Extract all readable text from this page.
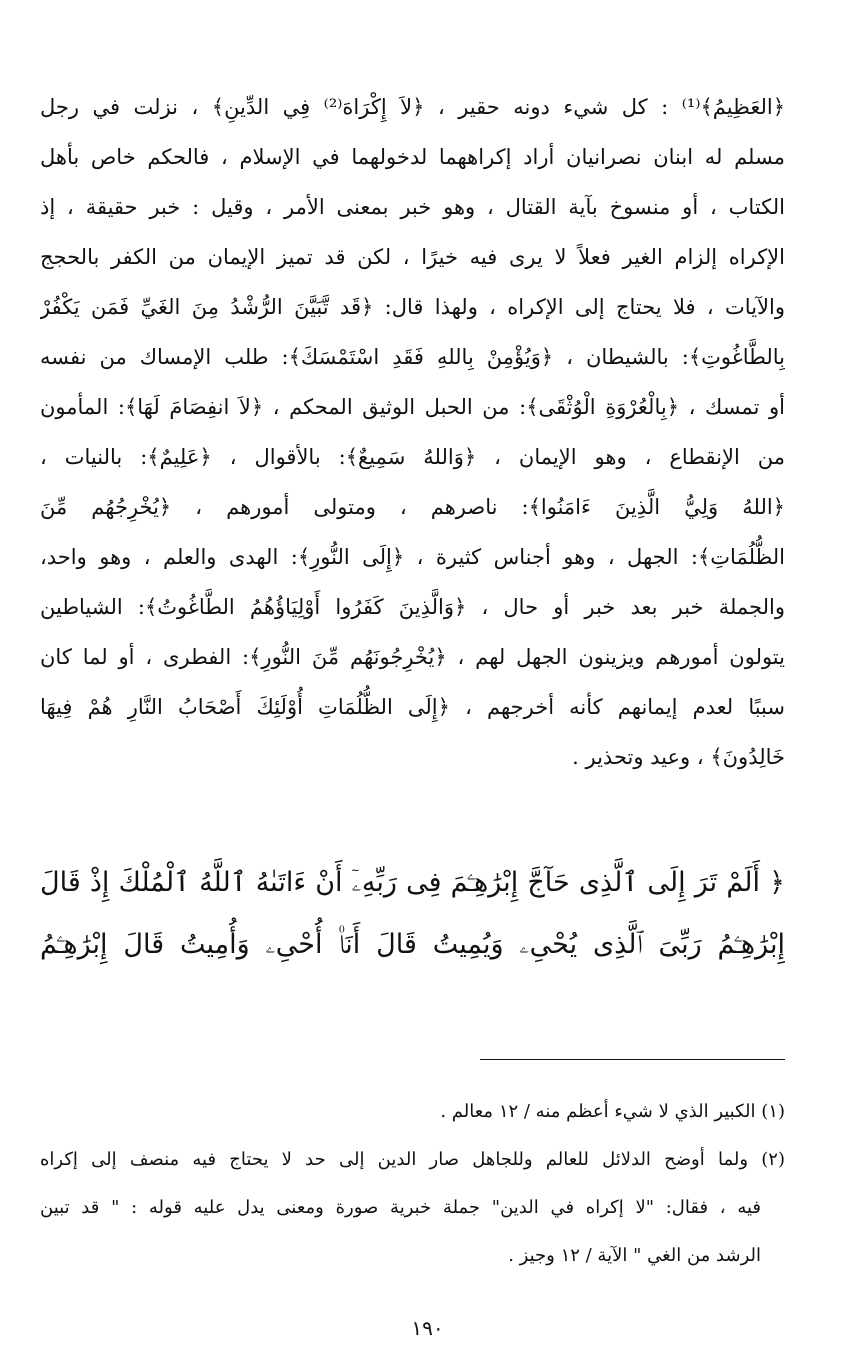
﴿العَظِيمُ﴾⁽¹⁾ : كل شيء دونه حقير ، ﴿لاَ إِكْرَاهَ⁽²⁾ فِي الدِّينِ﴾ ، نزلت في رجل
مسلم له ابنان نصرانيان أراد إكراههما لدخولهما في الإسلام ، فالحكم خاص بأهل
الكتاب ، أو منسوخ بآية القتال ، وهو خبر بمعنى الأمر ، وقيل : خبر حقيقة ، إذ
الإكراه إلزام الغير فعلاً لا يرى فيه خيرًا ، لكن قد تميز الإيمان من الكفر بالحجج
والآيات ، فلا يحتاج إلى الإكراه ، ولهذا قال: ﴿قَد تَّبَيَّنَ الرُّشْدُ مِنَ الغَيِّ فَمَن يَكْفُرْ
بِالطَّاغُوتِ﴾: بالشيطان ، ﴿وَيُؤْمِنْ بِاللهِ فَقَدِ اسْتَمْسَكَ﴾: طلب الإمساك من نفسه
أو تمسك ، ﴿بِالْعُرْوَةِ الْوُثْقَى﴾: من الحبل الوثيق المحكم ، ﴿لاَ انفِصَامَ لَهَا﴾: المأمون
من الإنقطاع ، وهو الإيمان ، ﴿وَاللهُ سَمِيعٌ﴾: بالأقوال ، ﴿عَلِيمٌ﴾: بالنيات ،
﴿اللهُ وَلِيُّ الَّذِينَ ءَامَنُوا﴾: ناصرهم ، ومتولى أمورهم ، ﴿يُخْرِجُهُم مِّنَ
الظُّلُمَاتِ﴾: الجهل ، وهو أجناس كثيرة ، ﴿إِلَى النُّورِ﴾: الهدى والعلم ، وهو واحد،
والجملة خبر بعد خبر أو حال ، ﴿وَالَّذِينَ كَفَرُوا أَوْلِيَاؤُهُمُ الطَّاغُوتُ﴾: الشياطين
يتولون أمورهم ويزينون الجهل لهم ، ﴿يُخْرِجُونَهُم مِّنَ النُّورِ﴾: الفطرى ، أو لما كان
سببًا لعدم إيمانهم كأنه أخرجهم ، ﴿إِلَى الظُّلُمَاتِ أُوْلَئِكَ أَصْحَابُ النَّارِ هُمْ فِيهَا
خَالِدُونَ﴾ ، وعيد وتحذير .
﴿ أَلَمْ تَرَ إِلَى ٱلَّذِى حَآجَّ إِبْرَٰهِـۧمَ فِى رَبِّهِۦٓ أَنْ ءَاتَىٰهُ ٱللَّهُ ٱلْمُلْكَ إِذْ قَالَ
إِبْرَٰهِـۧمُ رَبِّىَ ٱلَّذِى يُحْىِۦ وَيُمِيتُ قَالَ أَنَا۠ أُحْىِۦ وَأُمِيتُ قَالَ إِبْرَٰهِـۧمُ
(١) الكبير الذي لا شيء أعظم منه / ١٢ معالم .
(٢) ولما أوضح الدلائل للعالم وللجاهل صار الدين إلى حد لا يحتاج فيه منصف إلى إكراه
فيه ، فقال: "لا إكراه في الدين" جملة خبرية صورة ومعنى يدل عليه قوله : " قد تبين
الرشد من الغي " الآية / ١٢ وجيز .
١٩٠
